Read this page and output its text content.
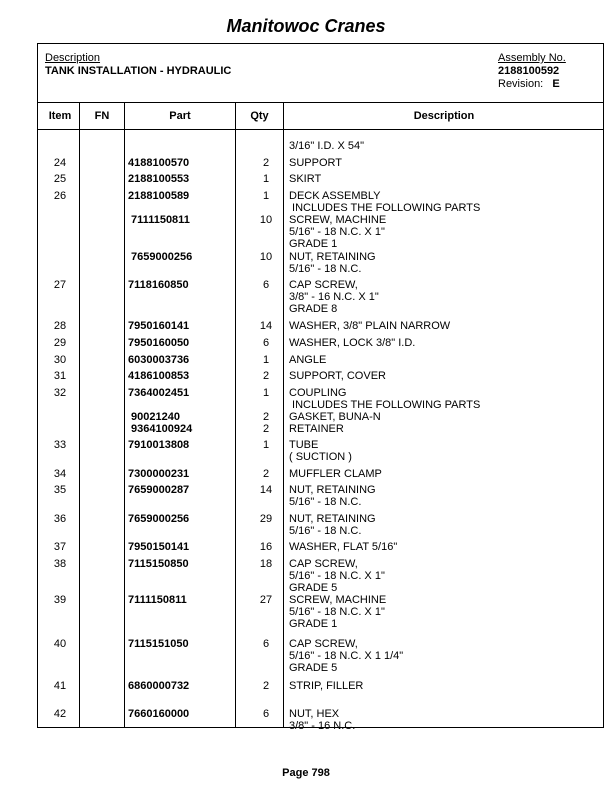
Manitowoc Cranes
Description
TANK INSTALLATION - HYDRAULIC
Assembly No.
2188100592
Revision: E
Item	FN	Part	Qty	Description
3/16" I.D. X 54"
24	4188100570	2	SUPPORT
25	2188100553	1	SKIRT
26	2188100589	1	DECK ASSEMBLY
INCLUDES THE FOLLOWING PARTS
7111150811	10	SCREW, MACHINE
5/16" - 18 N.C. X 1"
GRADE 1
7659000256	10	NUT, RETAINING
5/16" - 18 N.C.
27	7118160850	6	CAP SCREW,
3/8" - 16 N.C. X 1"
GRADE 8
28	7950160141	14	WASHER, 3/8" PLAIN NARROW
29	7950160050	6	WASHER, LOCK 3/8" I.D.
30	6030003736	1	ANGLE
31	4186100853	2	SUPPORT, COVER
32	7364002451	1	COUPLING
INCLUDES THE FOLLOWING PARTS
90021240	2	GASKET, BUNA-N
9364100924	2	RETAINER
33	7910013808	1	TUBE
( SUCTION )
34	7300000231	2	MUFFLER CLAMP
35	7659000287	14	NUT, RETAINING
5/16" - 18 N.C.
36	7659000256	29	NUT, RETAINING
5/16" - 18 N.C.
37	7950150141	16	WASHER, FLAT 5/16"
38	7115150850	18	CAP SCREW,
5/16" - 18 N.C. X 1"
GRADE 5
39	7111150811	27	SCREW, MACHINE
5/16" - 18 N.C. X 1"
GRADE 1
40	7115151050	6	CAP SCREW,
5/16" - 18 N.C. X 1 1/4"
GRADE 5
41	6860000732	2	STRIP, FILLER
42	7660160000	6	NUT, HEX
3/8" - 16 N.C.
Page 798
